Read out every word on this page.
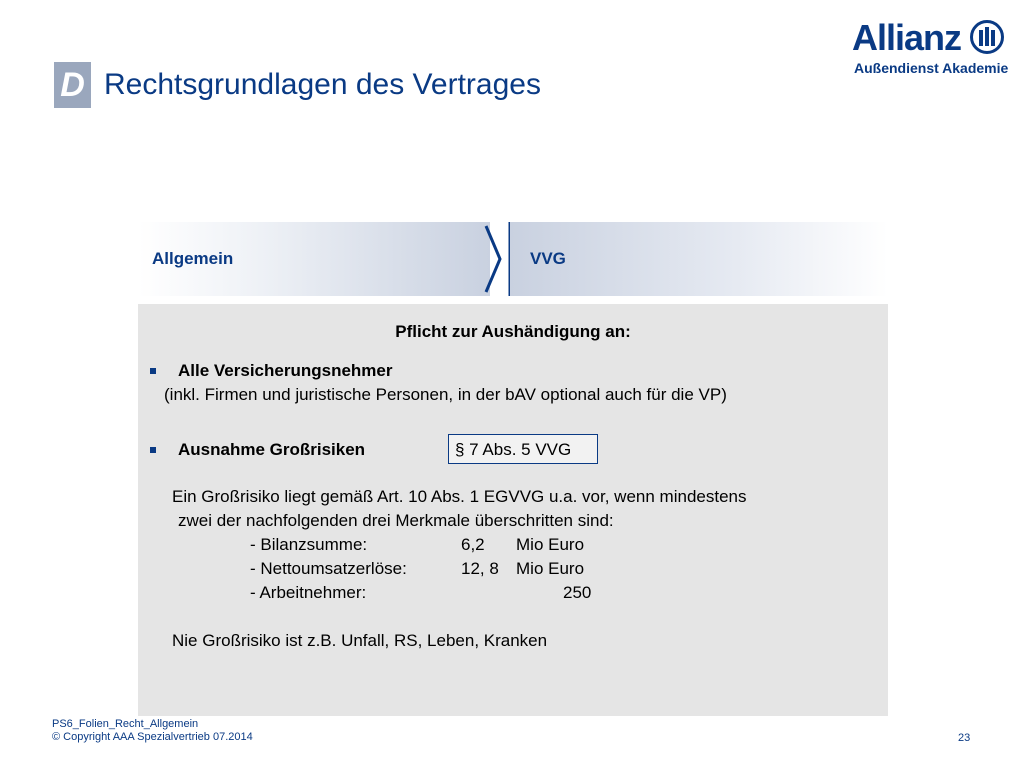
D Rechtsgrundlagen des Vertrages
Allianz
Außendienst Akademie
Allgemein	VVG
Pflicht zur Aushändigung an:
Alle Versicherungsnehmer
(inkl. Firmen und juristische Personen, in der bAV optional auch für die VP)
Ausnahme Großrisiken	§ 7 Abs. 5 VVG
Ein Großrisiko liegt gemäß Art. 10 Abs. 1 EGVVG u.a. vor, wenn mindestens
zwei der nachfolgenden drei Merkmale überschritten sind:
- Bilanzsumme:	6,2 Mio Euro
- Nettoumsatzerlöse:	12, 8 Mio Euro
- Arbeitnehmer:	250
Nie Großrisiko ist z.B. Unfall, RS, Leben, Kranken
PS6_Folien_Recht_Allgemein
© Copyright AAA Spezialvertrieb 07.2014	23
